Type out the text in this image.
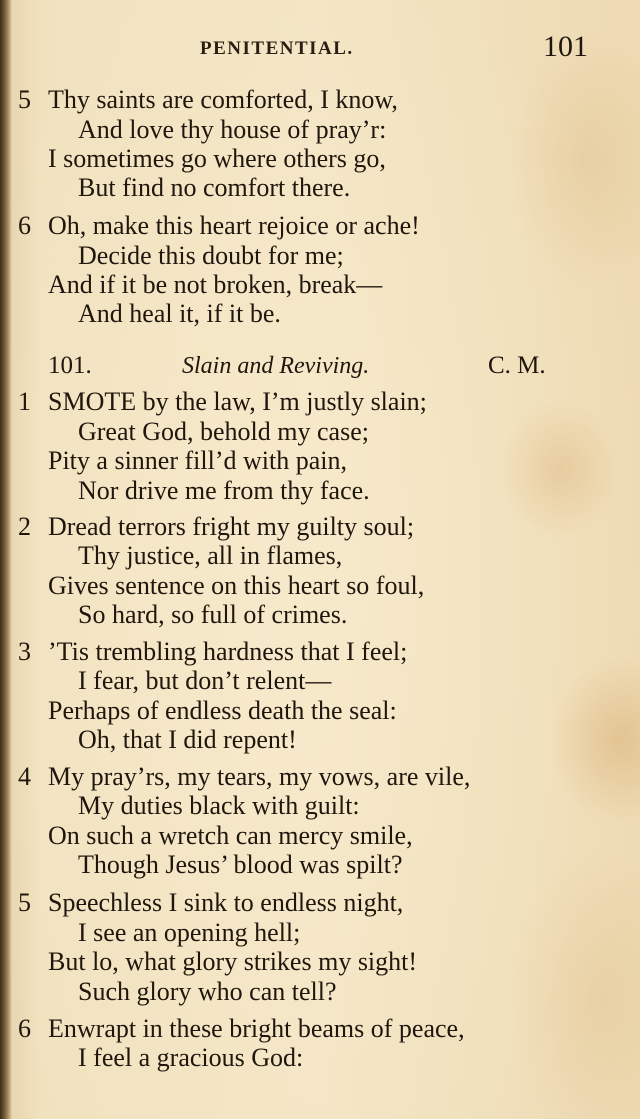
PENITENTIAL.	101
5 Thy saints are comforted, I know,
And love thy house of pray’r:
I sometimes go where others go,
But find no comfort there.
6 Oh, make this heart rejoice or ache!
Decide this doubt for me;
And if it be not broken, break—
And heal it, if it be.
101.	Slain and Reviving.	C. M.
1 SMOTE by the law, I’m justly slain;
Great God, behold my case;
Pity a sinner fill’d with pain,
Nor drive me from thy face.
2 Dread terrors fright my guilty soul;
Thy justice, all in flames,
Gives sentence on this heart so foul,
So hard, so full of crimes.
3 ’Tis trembling hardness that I feel;
I fear, but don’t relent—
Perhaps of endless death the seal:
Oh, that I did repent!
4 My pray’rs, my tears, my vows, are vile,
My duties black with guilt:
On such a wretch can mercy smile,
Though Jesus’ blood was spilt?
5 Speechless I sink to endless night,
I see an opening hell;
But lo, what glory strikes my sight!
Such glory who can tell?
6 Enwrapt in these bright beams of peace,
I feel a gracious God:
